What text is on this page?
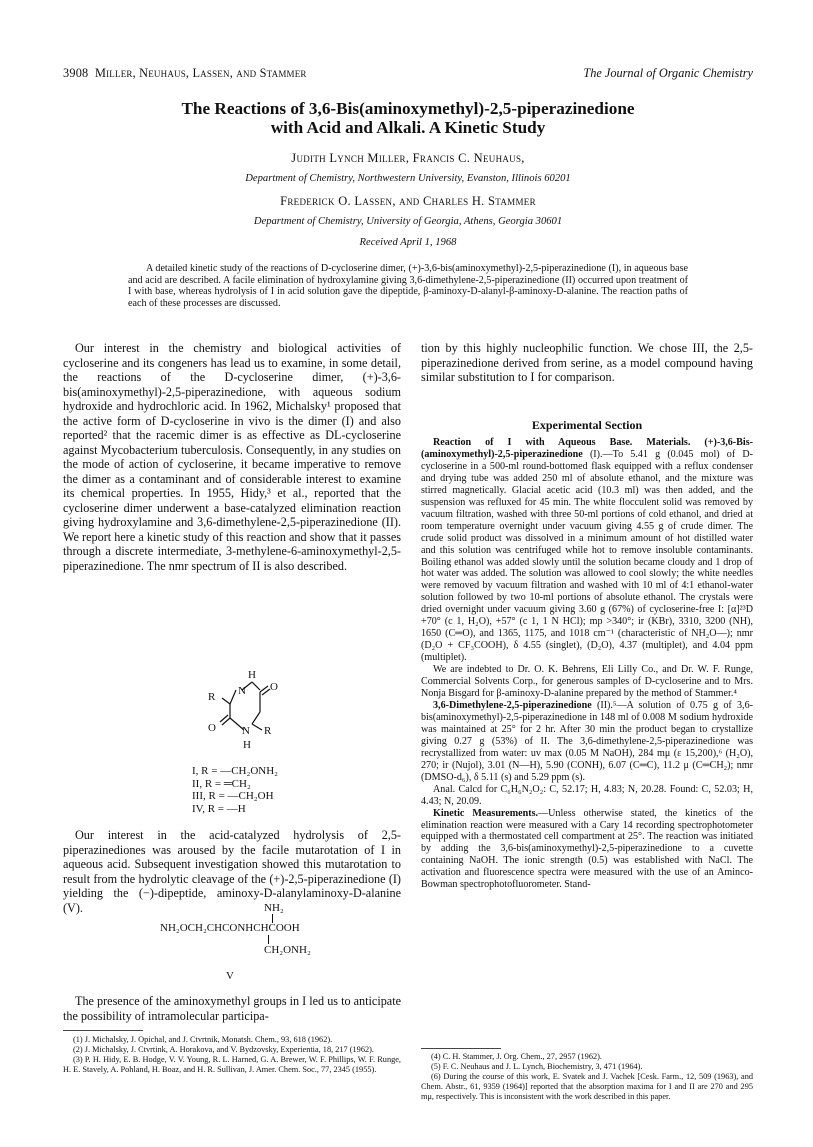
3908 Miller, Neuhaus, Lassen, and Stammer	The Journal of Organic Chemistry
The Reactions of 3,6-Bis(aminoxymethyl)-2,5-piperazinedione
with Acid and Alkali. A Kinetic Study
Judith Lynch Miller, Francis C. Neuhaus,
Department of Chemistry, Northwestern University, Evanston, Illinois 60201
Frederick O. Lassen, and Charles H. Stammer
Department of Chemistry, University of Georgia, Athens, Georgia 30601
Received April 1, 1968
A detailed kinetic study of the reactions of D-cycloserine dimer, (+)-3,6-bis(aminoxymethyl)-2,5-piperazinedione (I), in aqueous base and acid are described. A facile elimination of hydroxylamine giving 3,6-dimethylene-2,5-piperazinedione (II) occurred upon treatment of I with base, whereas hydrolysis of I in acid solution gave the dipeptide, β-aminoxy-D-alanyl-β-aminoxy-D-alanine. The reaction paths of each of these processes are discussed.

Our interest in the chemistry and biological activities of cycloserine and its congeners has lead us to examine, in some detail, the reactions of the D-cycloserine dimer, (+)-3,6-bis(aminoxymethyl)-2,5-piperazinedione, with aqueous sodium hydroxide and hydrochloric acid. In 1962, Michalsky¹ proposed that the active form of D-cycloserine in vivo is the dimer (I) and also reported² that the racemic dimer is as effective as DL-cycloserine against Mycobacterium tuberculosis. Consequently, in any studies on the mode of action of cycloserine, it became imperative to remove the dimer as a contaminant and of considerable interest to examine its chemical properties. In 1955, Hidy,³ et al., reported that the cycloserine dimer underwent a base-catalyzed elimination reaction giving hydroxylamine and 3,6-dimethylene-2,5-piperazinedione (II). We report here a kinetic study of this reaction and show that it passes through a discrete intermediate, 3-methylene-6-aminoxymethyl-2,5-piperazinedione. The nmr spectrum of II is also described.

H
R N O
O N R
H
I, R = —CH₂ONH₂
II, R = ═CH₂
III, R = —CH₂OH
IV, R = —H

Our interest in the acid-catalyzed hydrolysis of 2,5-piperazinediones was aroused by the facile mutarotation of I in aqueous acid. Subsequent investigation showed this mutarotation to result from the hydrolytic cleavage of the (+)-2,5-piperazinedione (I) yielding the (−)-dipeptide, aminoxy-D-alanylaminoxy-D-alanine (V).	NH₂
NH₂OCH₂CHCONHCHCOOH
CH₂ONH₂
V

The presence of the aminoxymethyl groups in I led us to anticipate the possibility of intramolecular participa-

(1) J. Michalsky, J. Opichal, and J. Ctvrtnik, Monatsh. Chem., 93, 618 (1962).

(2) J. Michalsky, J. Ctvrtink, A. Horakova, and V. Bydzovsky, Experientia, 18, 217 (1962).

(3) P. H. Hidy, E. B. Hodge, V. V. Young, R. L. Harned, G. A. Brewer, W. F. Phillips, W. F. Runge, H. E. Stavely, A. Pohland, H. Boaz, and H. R. Sullivan, J. Amer. Chem. Soc., 77, 2345 (1955).

tion by this highly nucleophilic function. We chose III, the 2,5-piperazinedione derived from serine, as a model compound having similar substitution to I for comparison.

Experimental Section

Reaction of I with Aqueous Base. Materials. (+)-3,6-Bis-(aminoxymethyl)-2,5-piperazinedione (I).—To 5.41 g (0.045 mol) of D-cycloserine in a 500-ml round-bottomed flask equipped with a reflux condenser and drying tube was added 250 ml of absolute ethanol, and the mixture was stirred magnetically. Glacial acetic acid (10.3 ml) was then added, and the suspension was refluxed for 45 min. The white flocculent solid was removed by vacuum filtration, washed with three 50-ml portions of cold ethanol, and dried at room temperature overnight under vacuum giving 4.55 g of crude dimer. The crude solid product was dissolved in a minimum amount of hot distilled water and this solution was centrifuged while hot to remove insoluble contaminants. Boiling ethanol was added slowly until the solution became cloudy and 1 drop of hot water was added. The solution was allowed to cool slowly; the white needles were removed by vacuum filtration and washed with 10 ml of 4:1 ethanol-water solution followed by two 10-ml portions of absolute ethanol. The crystals were dried overnight under vacuum giving 3.60 g (67%) of cycloserine-free I: [α]²³D +70° (c 1, H₂O), +57° (c 1, 1 N HCl); mp >340°; ir (KBr), 3310, 3200 (NH), 1650 (C═O), and 1365, 1175, and 1018 cm⁻¹ (characteristic of NH₂O—); nmr (D₂O + CF₃COOH), δ 4.55 (singlet), (D₂O), 4.37 (multiplet), and 4.04 ppm (multiplet).

We are indebted to Dr. O. K. Behrens, Eli Lilly Co., and Dr. W. F. Runge, Commercial Solvents Corp., for generous samples of D-cycloserine and to Mrs. Nonja Bisgard for β-aminoxy-D-alanine prepared by the method of Stammer.⁴

3,6-Dimethylene-2,5-piperazinedione (II).⁵—A solution of 0.75 g of 3,6-bis(aminoxymethyl)-2,5-piperazinedione in 148 ml of 0.008 M sodium hydroxide was maintained at 25° for 2 hr. After 30 min the product began to crystallize giving 0.27 g (53%) of II. The 3,6-dimethylene-2,5-piperazinedione was recrystallized from water: uv max (0.05 M NaOH), 284 mμ (ε 15,200),⁶ (H₂O), 270; ir (Nujol), 3.01 (N—H), 5.90 (CONH), 6.07 (C═C), 11.2 μ (C═CH₂); nmr (DMSO-d₆), δ 5.11 (s) and 5.29 ppm (s).

Anal. Calcd for C₆H₆N₂O₂: C, 52.17; H, 4.83; N, 20.28. Found: C, 52.03; H, 4.43; N, 20.09.

Kinetic Measurements.—Unless otherwise stated, the kinetics of the elimination reaction were measured with a Cary 14 recording spectrophotometer equipped with a thermostated cell compartment at 25°. The reaction was initiated by adding the 3,6-bis(aminoxymethyl)-2,5-piperazinedione to a cuvette containing NaOH. The ionic strength (0.5) was established with NaCl. The activation and fluorescence spectra were measured with the use of an Aminco-Bowman spectrophotofluorometer. Stand-

(4) C. H. Stammer, J. Org. Chem., 27, 2957 (1962).

(5) F. C. Neuhaus and J. L. Lynch, Biochemistry, 3, 471 (1964).

(6) During the course of this work, E. Svatek and J. Vachek [Cesk. Farm., 12, 509 (1963), and Chem. Abstr., 61, 9359 (1964)] reported that the absorption maxima for I and II are 270 and 295 mμ, respectively. This is inconsistent with the work described in this paper.
